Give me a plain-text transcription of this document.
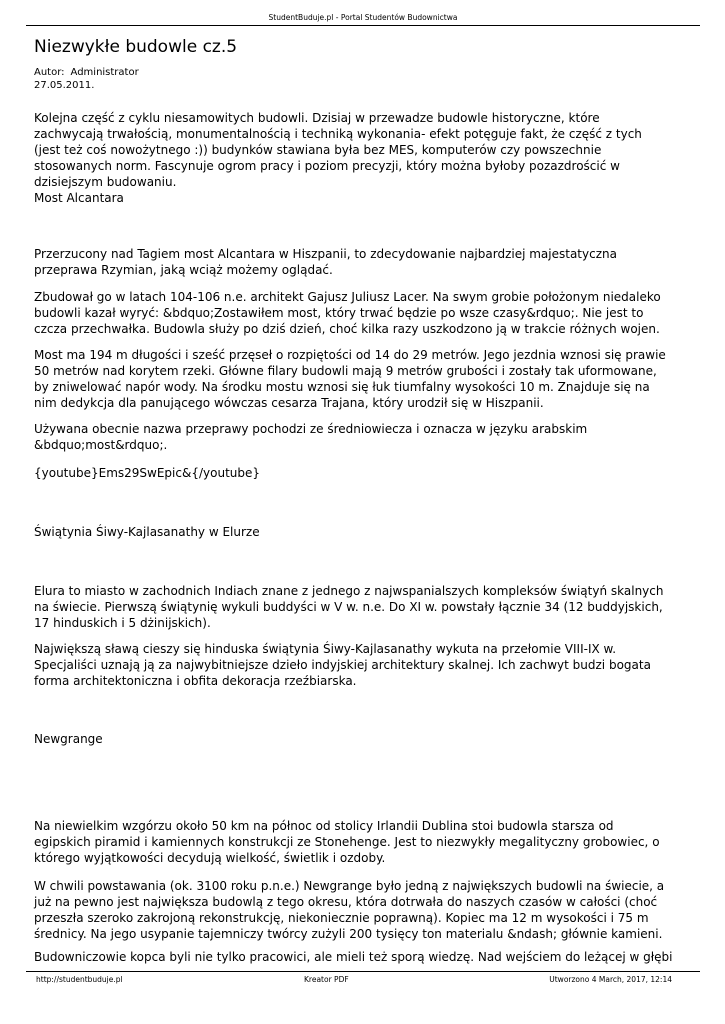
StudentBuduje.pl - Portal Studentów Budownictwa
Niezwykłe budowle cz.5
Autor: Administrator
27.05.2011.

Kolejna część z cyklu niesamowitych budowli. Dzisiaj w przewadze budowle historyczne, które
zachwycają trwałością, monumentalnością i techniką wykonania- efekt potęguje fakt, że część z tych
(jest też coś nowożytnego :)) budynków stawiana była bez MES, komputerów czy powszechnie
stosowanych norm. Fascynuje ogrom pracy i poziom precyzji, który można byłoby pozazdrościć w
dzisiejszym budowaniu.
Most Alcantara

Przerzucony nad Tagiem most Alcantara w Hiszpanii, to zdecydowanie najbardziej majestatyczna
przeprawa Rzymian, jaką wciąż możemy oglądać.

Zbudował go w latach 104-106 n.e. architekt Gajusz Juliusz Lacer. Na swym grobie położonym niedaleko
budowli kazał wyryć: &bdquo;Zostawiłem most, który trwać będzie po wsze czasy&rdquo;. Nie jest to
czcza przechwałka. Budowla służy po dziś dzień, choć kilka razy uszkodzono ją w trakcie różnych wojen.

Most ma 194 m długości i sześć przęseł o rozpiętości od 14 do 29 metrów. Jego jezdnia wznosi się prawie
50 metrów nad korytem rzeki. Główne filary budowli mają 9 metrów grubości i zostały tak uformowane,
by zniwelować napór wody. Na środku mostu wznosi się łuk tiumfalny wysokości 10 m. Znajduje się na
nim dedykcja dla panującego wówczas cesarza Trajana, który urodził się w Hiszpanii.

Używana obecnie nazwa przeprawy pochodzi ze średniowiecza i oznacza w języku arabskim
&bdquo;most&rdquo;.

{youtube}Ems29SwEpic&{/youtube}

Świątynia Śiwy-Kajlasanathy w Elurze

Elura to miasto w zachodnich Indiach znane z jednego z najwspanialszych kompleksów świątyń skalnych
na świecie. Pierwszą świątynię wykuli buddyści w V w. n.e. Do XI w. powstały łącznie 34 (12 buddyjskich,
17 hinduskich i 5 dżinijskich).

Największą sławą cieszy się hinduska świątynia Śiwy-Kajlasanathy wykuta na przełomie VIII-IX w.
Specjaliści uznają ją za najwybitniejsze dzieło indyjskiej architektury skalnej. Ich zachwyt budzi bogata
forma architektoniczna i obfita dekoracja rzeźbiarska.

Newgrange

Na niewielkim wzgórzu około 50 km na północ od stolicy Irlandii Dublina stoi budowla starsza od
egipskich piramid i kamiennych konstrukcji ze Stonehenge. Jest to niezwykły megalityczny grobowiec, o
którego wyjątkowości decydują wielkość, świetlik i ozdoby.

W chwili powstawania (ok. 3100 roku p.n.e.) Newgrange było jedną z największych budowli na świecie, a
już na pewno jest największa budowlą z tego okresu, która dotrwała do naszych czasów w całości (choć
przeszła szeroko zakrojoną rekonstrukcję, niekonieczniе poprawną). Kopiec ma 12 m wysokości i 75 m
średnicy. Na jego usypanie tajemniczy twórcy zużyli 200 tysięcy ton materialu &ndash; głównie kamieni.

Budowniczowie kopca byli nie tylko pracowici, ale mieli też sporą wiedzę. Nad wejściem do leżącej w głębi

http://studentbuduje.pl	Kreator PDF	Utworzono 4 March, 2017, 12:14
